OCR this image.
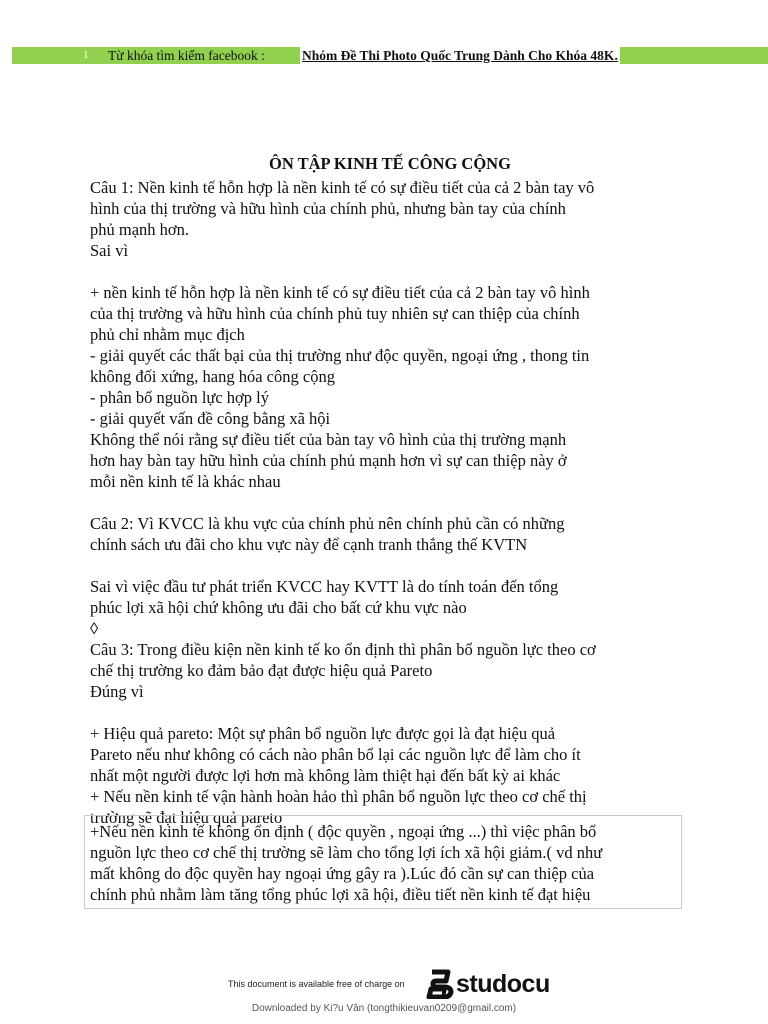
1 Từ khóa tìm kiếm facebook :	Nhóm Đề Thi Photo Quốc Trung Dành Cho Khóa 48K.
ÔN TẬP KINH TẾ CÔNG CỘNG
Câu 1: Nền kinh tế hỗn hợp là nền kinh tế có sự điều tiết của cả 2 bàn tay vô
hình của thị trường và hữu hình của chính phủ, nhưng bàn tay của chính
phủ mạnh hơn.
Sai vì
+ nền kinh tế hỗn hợp là nền kinh tế có sự điều tiết của cả 2 bàn tay vô hình
của thị trường và hữu hình của chính phủ tuy nhiên sự can thiệp của chính
phủ chỉ nhằm mục địch
- giải quyết các thất bại của thị trường như độc quyền, ngoại ứng , thong tin
không đối xứng, hang hóa công cộng
- phân bổ nguồn lực hợp lý
- giải quyết vấn đề công bằng xã hội
Không thể nói rằng sự điều tiết của bàn tay vô hình của thị trường mạnh
hơn hay bàn tay hữu hình của chính phủ mạnh hơn vì sự can thiệp này ở
mỗi nền kinh tế là khác nhau
Câu 2: Vì KVCC là khu vực của chính phủ nên chính phủ cần có những
chính sách ưu đãi cho khu vực này để cạnh tranh thắng thế KVTN
Sai vì việc đầu tư phát triển KVCC hay KVTT là do tính toán đến tổng
phúc lợi xã hội chứ không ưu đãi cho bất cứ khu vực nào
◊
Câu 3: Trong điều kiện nền kinh tế ko ổn định thì phân bổ nguồn lực theo cơ
chế thị trường ko đảm bảo đạt được hiệu quả Pareto
Đúng vì
+ Hiệu quả pareto: Một sự phân bổ nguồn lực được gọi là đạt hiệu quả
Pareto nếu như không có cách nào phân bổ lại các nguồn lực để làm cho ít
nhất một người được lợi hơn mà không làm thiệt hại đến bất kỳ ai khác
+ Nếu nền kinh tế vận hành hoàn hảo thì phân bổ nguồn lực theo cơ chế thị
trường sẽ đạt hiệu quả pareto
+Nếu nền kinh tế không ổn định ( độc quyền , ngoại ứng ...) thì việc phân bổ
nguồn lực theo cơ chế thị trường sẽ làm cho tổng lợi ích xã hội giảm.( vd như
mất không do độc quyền hay ngoại ứng gây ra ).Lúc đó cần sự can thiệp của
chính phủ nhằm làm tăng tổng phúc lợi xã hội, điều tiết nền kinh tế đạt hiệu
This document is available free of charge on studocu
Downloaded by Ki?u Vân (tongthikieuvan0209@gmail.com)
